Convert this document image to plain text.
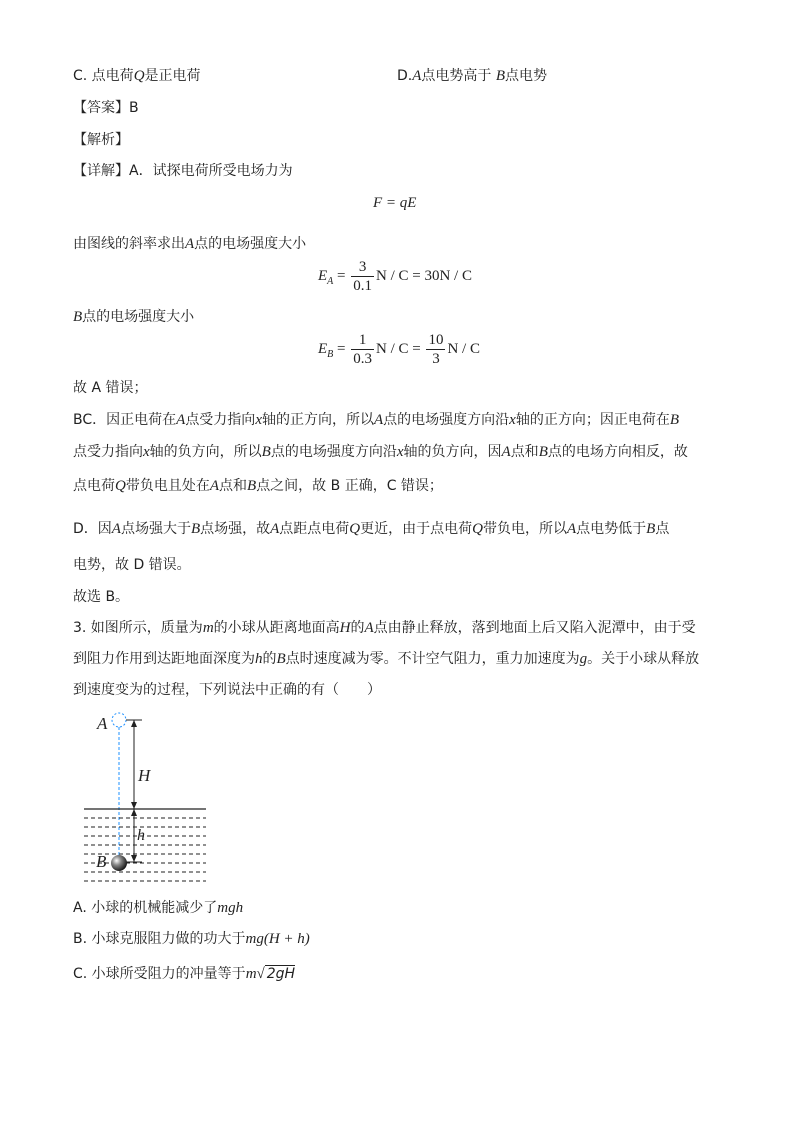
C. 点电荷Q是正电荷	D.A点电势高于 B点电势
【答案】B
【解析】
【详解】A．试探电荷所受电场力为
F = qE
由图线的斜率求出A点的电场强度大小
$E_A = \frac{3}{0.1}$ N / C = 30N / C
B点的电场强度大小
$E_B = \frac{1}{0.3}$ $N / C = \frac{10}{3}$ N / C
故 A 错误；
BC．因正电荷在A点受力指向x轴的正方向，所以A点的电场强度方向沿x轴的正方向；因正电荷在B
点受力指向x轴的负方向，所以B点的电场强度方向沿x轴的负方向，因A点和B点的电场方向相反，故
点电荷Q带负电且处在A点和B点之间，故 B 正确，C 错误；
D．因A点场强大于B点场强，故A点距点电荷Q更近，由于点电荷Q带负电，所以A点电势低于B点
电势，故 D 错误。
故选 B。
3. 如图所示，质量为m的小球从距离地面高H的A点由静止释放，落到地面上后又陷入泥潭中，由于受
到阻力作用到达距地面深度为h的B点时速度减为零。不计空气阻力，重力加速度为g。关于小球从释放
到速度变为的过程，下列说法中正确的有（　　）
A
H
h
B
A. 小球的机械能减少了mgh
B. 小球克服阻力做的功大于mg(H + h)
C. 小球所受阻力的冲量等于m√ 2gH
